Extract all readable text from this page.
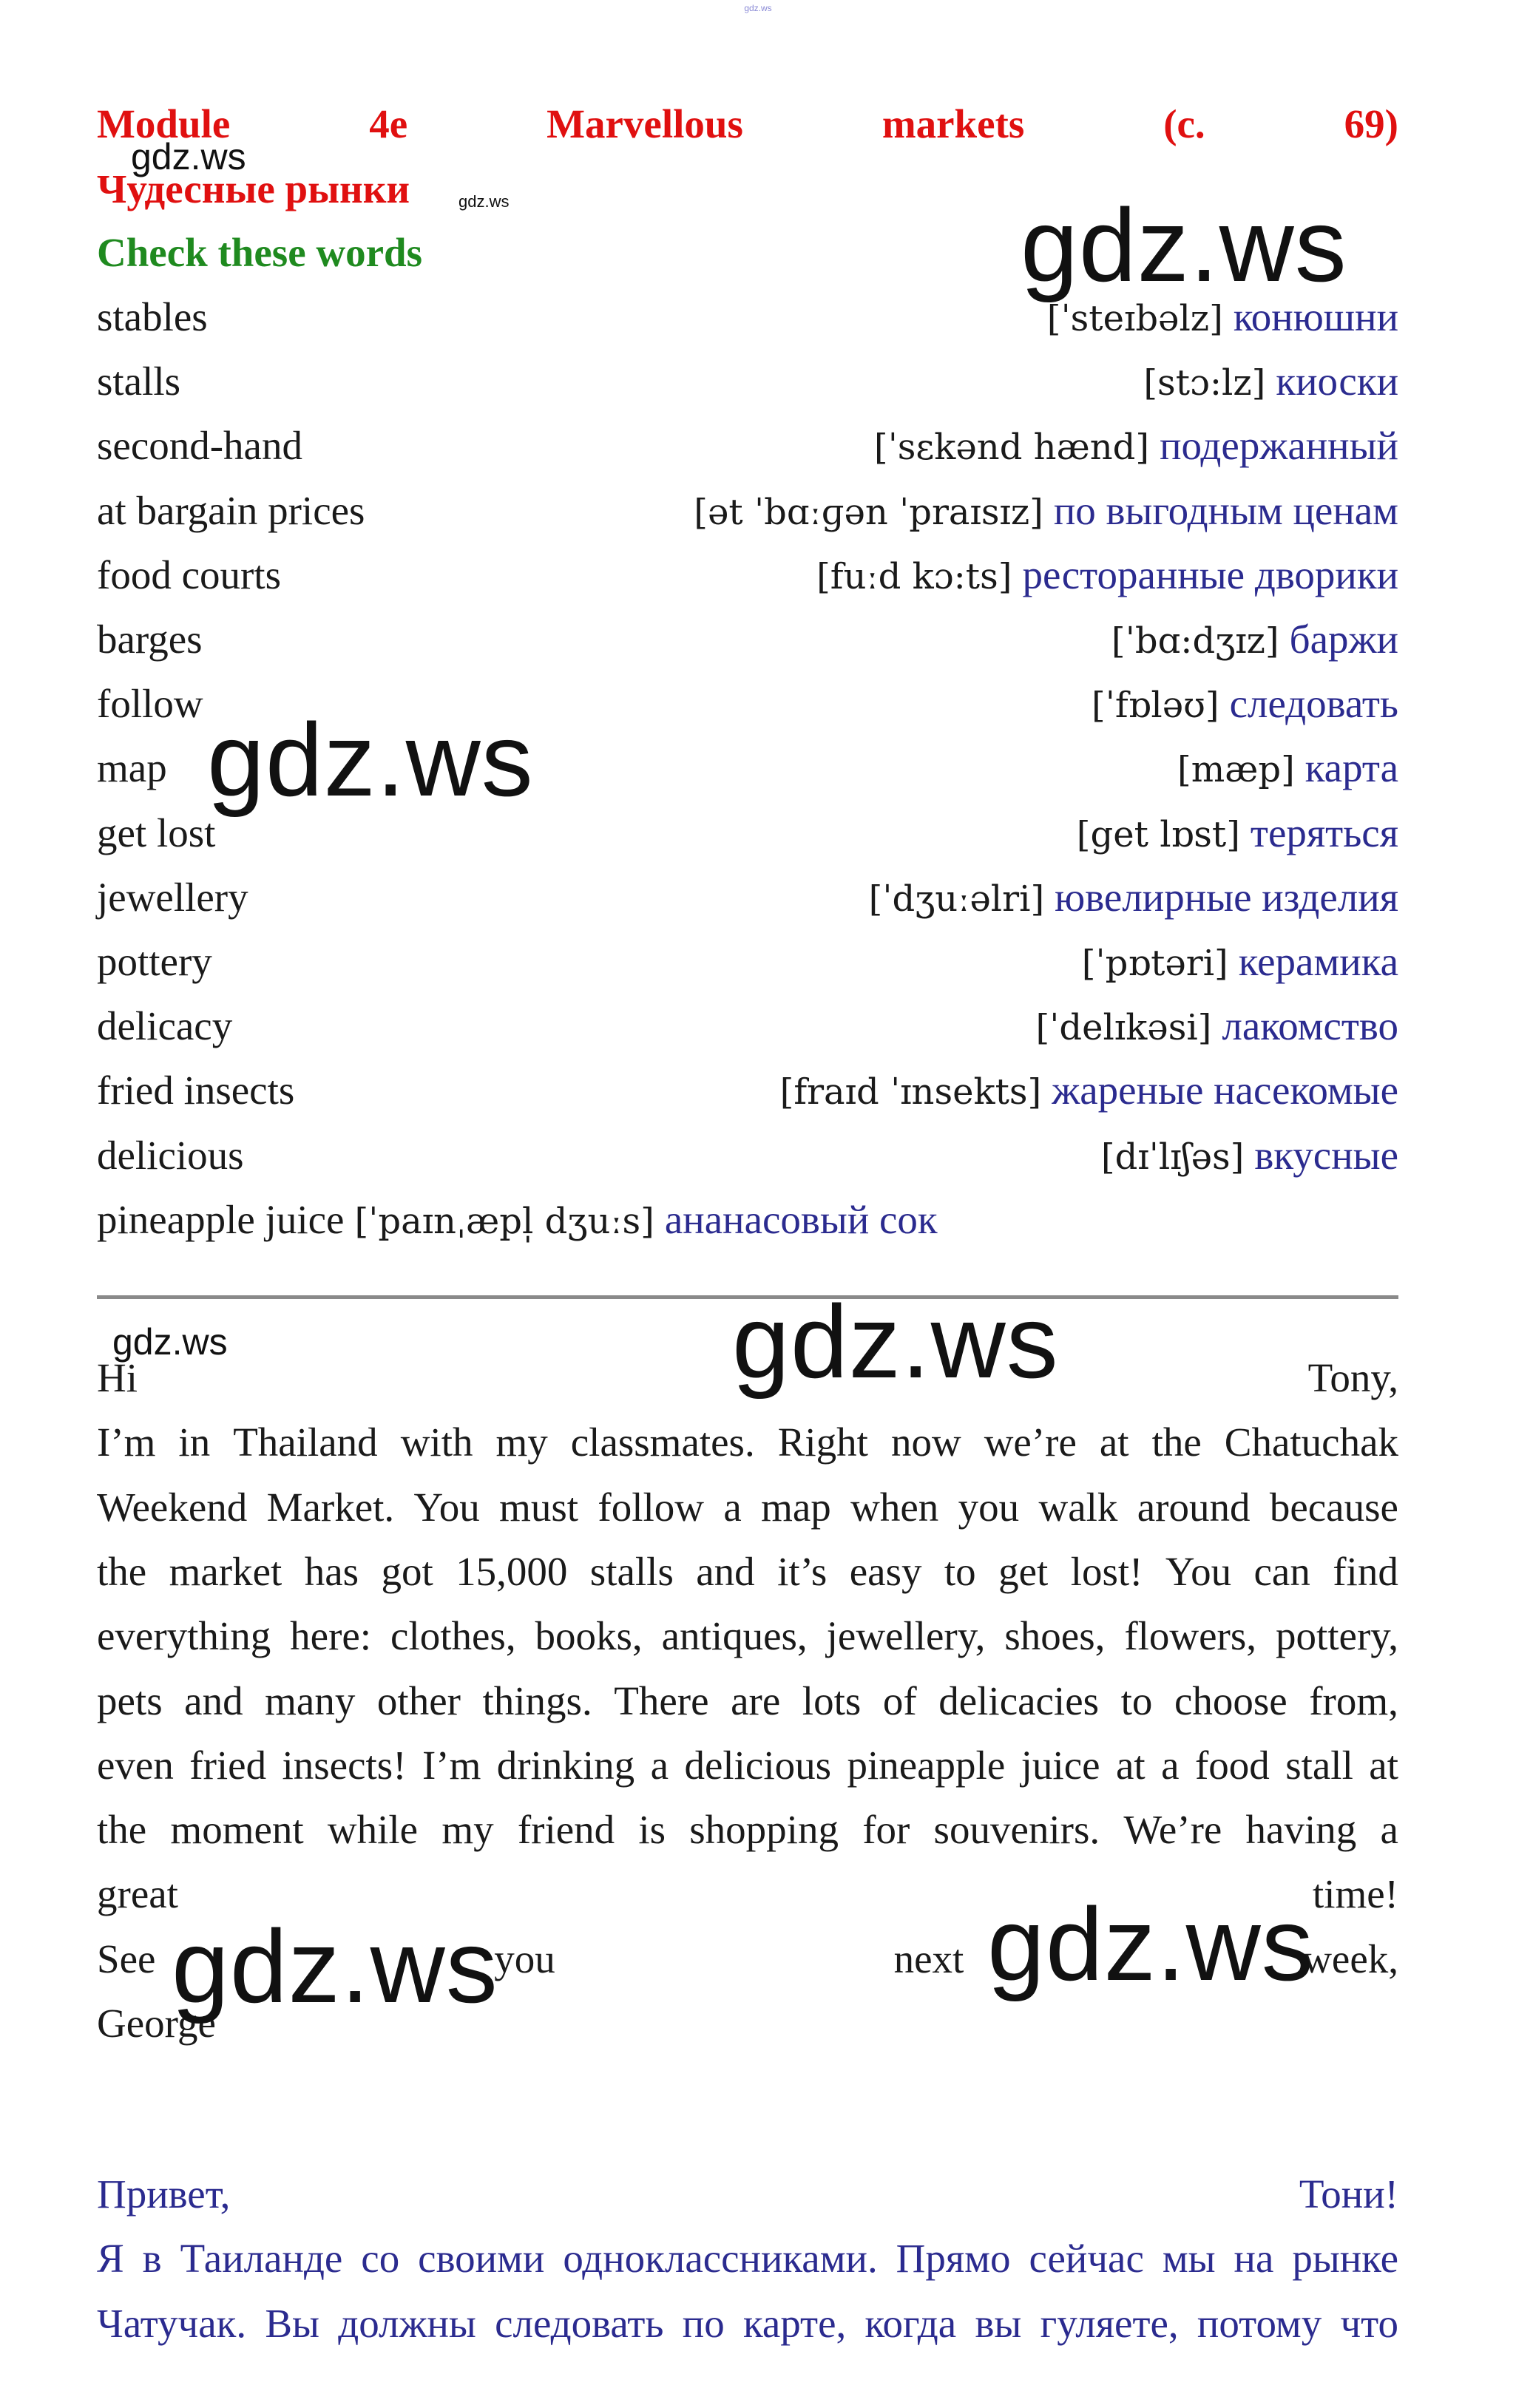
gdz.ws
Module	4e	Marvellous	markets	(c.	69)
Чудесные рынки
Check these words
stables	[ˈsteɪbəlz] конюшни
stalls	[stɔ:lz] киоски
second-hand	[ˈsɛkənd hænd] подержанный
at bargain prices	[ət ˈbɑːɡən ˈpraɪsɪz] по выгодным ценам
food courts	[fuːd kɔ:ts] ресторанные дворики
barges	[ˈbɑ:dʒɪz] баржи
follow	[ˈfɒləʊ] следовать
map	[mæp] карта
get lost	[get lɒst] теряться
jewellery	[ˈdʒuːəlri] ювелирные изделия
pottery	[ˈpɒtəri] керамика
delicacy	[ˈdelɪkəsi] лакомство
fried insects	[fraɪd ˈɪnsekts] жареные насекомые
delicious	[dɪˈlɪʃəs] вкусные
pineapple juice [ˈpaɪnˌæpl̩ dʒuːs] ананасовый сок
Hi	Tony,
I’m in Thailand with my classmates. Right now we’re at the Chatuchak
Weekend Market. You must follow a map when you walk around because
the market has got 15,000 stalls and it’s easy to get lost! You can find
everything here: clothes, books, antiques, jewellery, shoes, flowers, pottery,
pets and many other things. There are lots of delicacies to choose from,
even fried insects! I’m drinking a delicious pineapple juice at a food stall at
the moment while my friend is shopping for souvenirs. We’re having a
great	time!
See	you	next	week,
George
Привет,	Тони!
Я в Таиланде со своими одноклассниками. Прямо сейчас мы на рынке
Чатучак. Вы должны следовать по карте, когда вы гуляете, потому что
gdz.ws
gdz.ws	gdz.ws
gdz.ws
gdz.ws	gdz.ws
gdz.ws	gdz.ws
